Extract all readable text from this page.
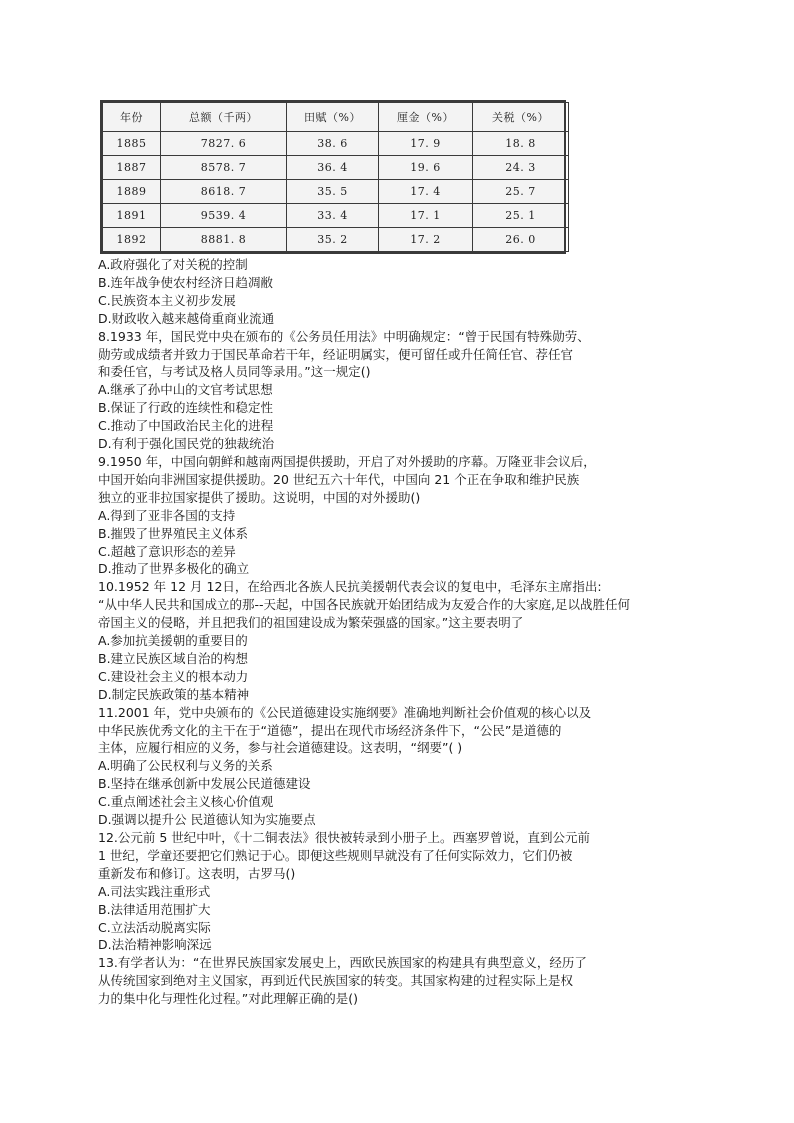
年份	总额（千两）	田赋（%）	厘金（%）	关税（%）
1885	7827. 6	38. 6	17. 9	18. 8
1887	8578. 7	36. 4	19. 6	24. 3
1889	8618. 7	35. 5	17. 4	25. 7
1891	9539. 4	33. 4	17. 1	25. 1
1892	8881. 8	35. 2	17. 2	26. 0
A.政府强化了对关税的控制
B.连年战争使农村经济日趋凋敝
C.民族资本主义初步发展
D.财政收入越来越倚重商业流通
8.1933 年，国民党中央在颁布的《公务员任用法》中明确规定：“曾于民国有特殊勋劳、
勋劳或成绩者并致力于国民革命若干年，经证明属实，便可留任或升任简任官、荐任官
和委任官，与考试及格人员同等录用。”这一规定()
A.继承了孙中山的文官考试思想
B.保证了行政的连续性和稳定性
C.推动了中国政治民主化的进程
D.有利于强化国民党的独裁统治
9.1950 年，中国向朝鲜和越南两国提供援助，开启了对外援助的序幕。万隆亚非会议后，
中国开始向非洲国家提供援助。20 世纪五六十年代，中国向 21 个正在争取和维护民族
独立的亚非拉国家提供了援助。这说明，中国的对外援助()
A.得到了亚非各国的支持
B.摧毁了世界殖民主义体系
C.超越了意识形态的差异
D.推动了世界多极化的确立
10.1952 年 12 月 12日，在给西北各族人民抗美援朝代表会议的复电中，毛泽东主席指出:
“从中华人民共和国成立的那--天起，中国各民族就开始团结成为友爱合作的大家庭,足以战胜任何
帝国主义的侵略，并且把我们的祖国建设成为繁荣强盛的国家。”这主要表明了
A.参加抗美援朝的重要目的
B.建立民族区域自治的构想
C.建设社会主义的根本动力
D.制定民族政策的基本精神
11.2001 年，党中央颁布的《公民道德建设实施纲要》准确地判断社会价值观的核心以及
中华民族优秀文化的主干在于“道德”，提出在现代市场经济条件下，“公民”是道德的
主体，应履行相应的义务，参与社会道德建设。这表明，“纲要”( )
A.明确了公民权利与义务的关系
B.坚持在继承创新中发展公民道德建设
C.重点阐述社会主义核心价值观
D.强调以提升公 民道德认知为实施要点
12.公元前 5 世纪中叶，《十二铜表法》很快被转录到小册子上。西塞罗曾说，直到公元前
1 世纪，学童还要把它们熟记于心。即便这些规则早就没有了任何实际效力，它们仍被
重新发布和修订。这表明，古罗马()
A.司法实践注重形式
B.法律适用范围扩大
C.立法活动脱离实际
D.法治精神影响深远
13.有学者认为：“在世界民族国家发展史上，西欧民族国家的构建具有典型意义，经历了
从传统国家到绝对主义国家，再到近代民族国家的转变。其国家构建的过程实际上是权
力的集中化与理性化过程。”对此理解正确的是()
